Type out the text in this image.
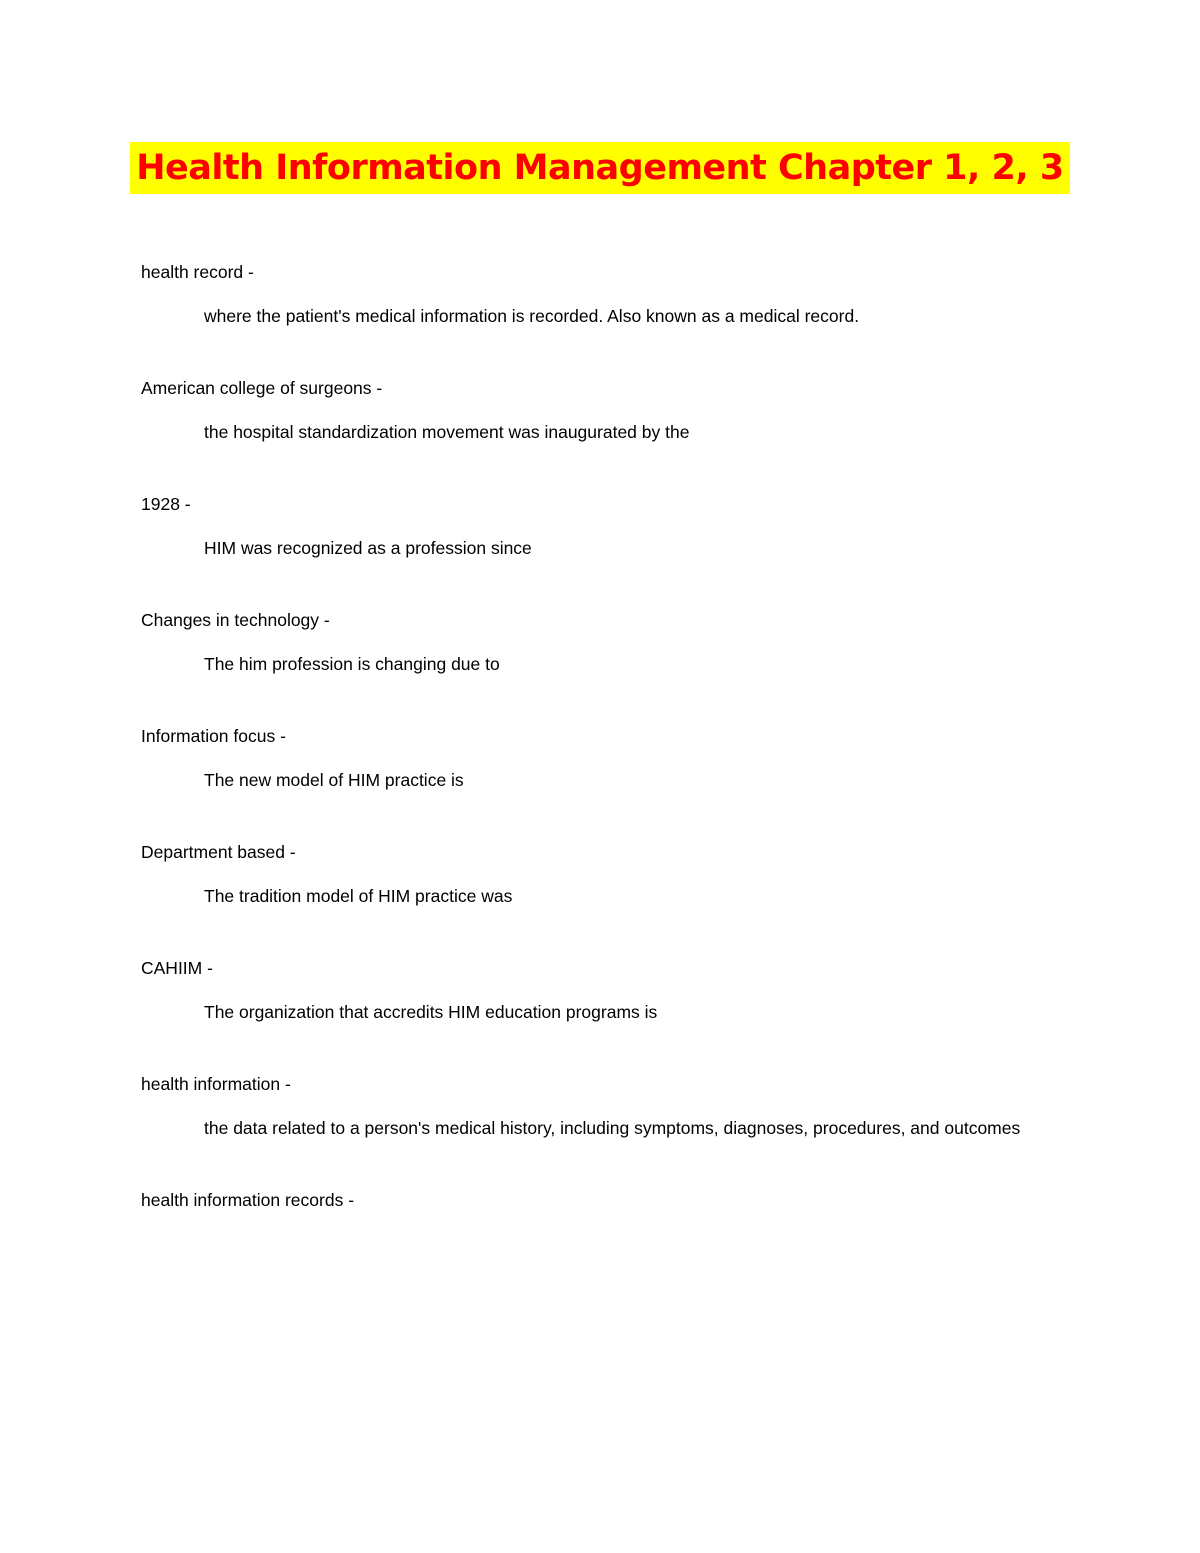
Health Information Management Chapter 1, 2, 3
health record -

where the patient's medical information is recorded. Also known as a medical record.

American college of surgeons -

the hospital standardization movement was inaugurated by the

1928 -

HIM was recognized as a profession since

Changes in technology -

The him profession is changing due to

Information focus -

The new model of HIM practice is

Department based -

The tradition model of HIM practice was

CAHIIM -

The organization that accredits HIM education programs is

health information -

the data related to a person's medical history, including symptoms, diagnoses, procedures, and outcomes

health information records -
